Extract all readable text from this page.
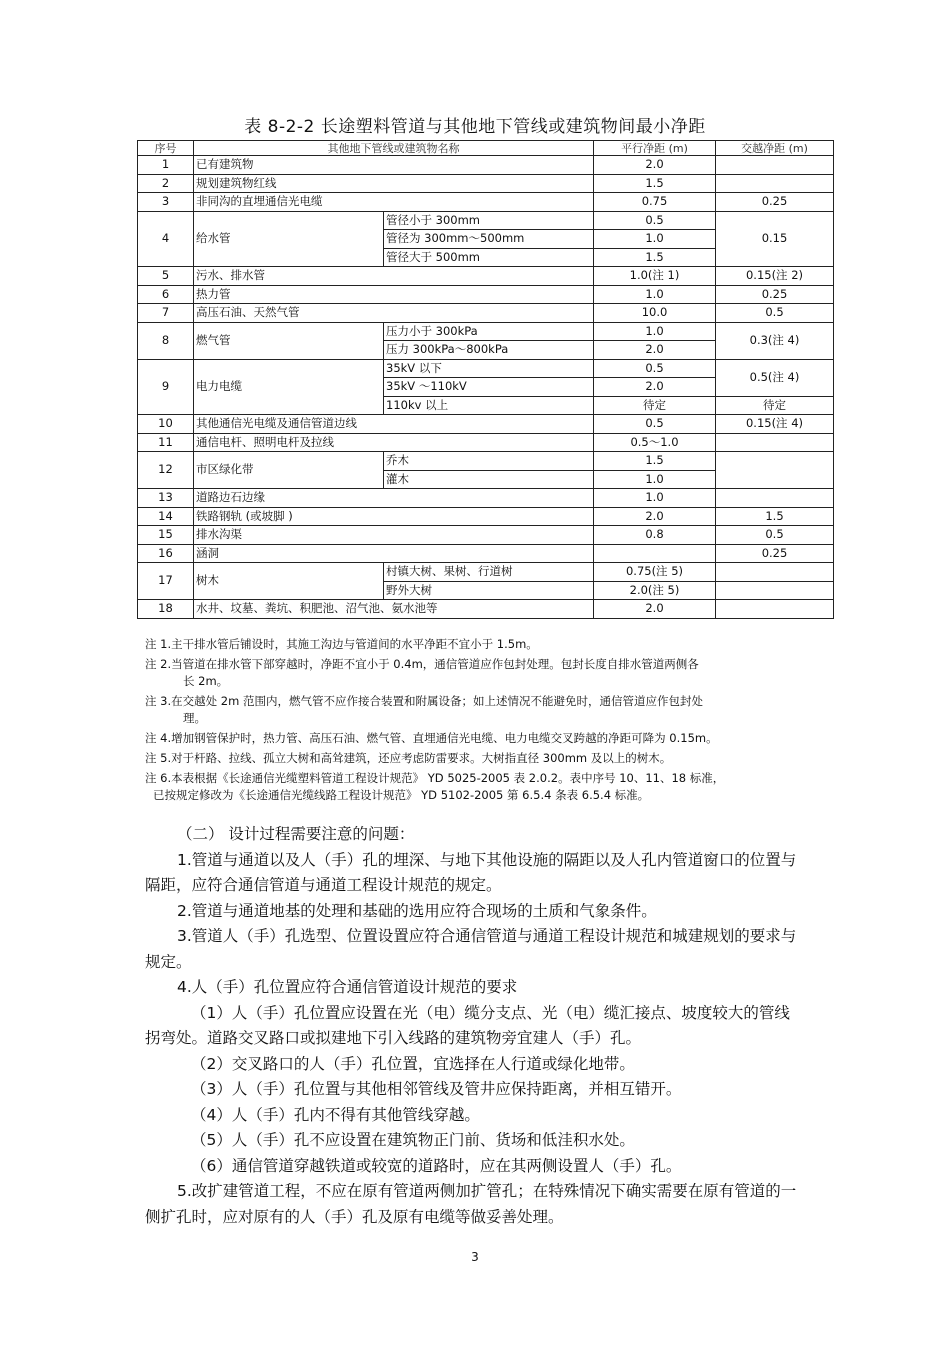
表 8-2-2 长途塑料管道与其他地下管线或建筑物间最小净距
序号	其他地下管线或建筑物名称		平行净距 (m)	交越净距 (m)
1	已有建筑物		2.0	
2	规划建筑物红线		1.5	
3	非同沟的直埋通信光电缆		0.75	0.25
4	给水管	管径小于 300mm	0.5	0.15
		管径为 300mm～500mm	1.0	
		管径大于 500mm	1.5	
5	污水、排水管		1.0(注 1)	0.15(注 2)
6	热力管		1.0	0.25
7	高压石油、天然气管		10.0	0.5
8	燃气管	压力小于 300kPa	1.0	0.3(注 4)
		压力 300kPa～800kPa	2.0	
9	电力电缆	35kV 以下	0.5	0.5(注 4)
		35kV ～110kV	2.0	
		110kv 以上	待定	待定
10	其他通信光电缆及通信管道边线		0.5	0.15(注 4)
11	通信电杆、照明电杆及拉线		0.5～1.0	
12	市区绿化带	乔木	1.5	
		灌木	1.0	
13	道路边石边缘		1.0	
14	铁路钢轨 (或坡脚 )		2.0	1.5
15	排水沟渠		0.8	0.5
16	涵洞			0.25
17	树木	村镇大树、果树、行道树	0.75(注 5)	
		野外大树	2.0(注 5)	
18	水井、坟墓、粪坑、积肥池、沼气池、氨水池等		2.0	
注 1.主干排水管后铺设时，其施工沟边与管道间的水平净距不宜小于 1.5m。
注 2.当管道在排水管下部穿越时，净距不宜小于 0.4m，通信管道应作包封处理。包封长度自排水管道两侧各
长 2m。
注 3.在交越处 2m 范围内，燃气管不应作接合装置和附属设备；如上述情况不能避免时，通信管道应作包封处
理。
注 4.增加钢管保护时，热力管、高压石油、燃气管、直埋通信光电缆、电力电缆交叉跨越的净距可降为 0.15m。
注 5.对于杆路、拉线、孤立大树和高耸建筑，还应考虑防雷要求。大树指直径 300mm 及以上的树木。
注 6.本表根据《长途通信光缆塑料管道工程设计规范》 YD 5025-2005 表 2.0.2。表中序号 10、11、18 标准，
已按规定修改为《长途通信光缆线路工程设计规范》 YD 5102-2005 第 6.5.4 条表 6.5.4 标准。

（二） 设计过程需要注意的问题：

1.管道与通道以及人（手）孔的埋深、与地下其他设施的隔距以及人孔内管道窗口的位置与隔距，应符合通信管道与通道工程设计规范的规定。

2.管道与通道地基的处理和基础的选用应符合现场的土质和气象条件。

3.管道人（手）孔选型、位置设置应符合通信管道与通道工程设计规范和城建规划的要求与规定。

4.人（手）孔位置应符合通信管道设计规范的要求

（1）人（手）孔位置应设置在光（电）缆分支点、光（电）缆汇接点、坡度较大的管线拐弯处。道路交叉路口或拟建地下引入线路的建筑物旁宜建人（手）孔。

（2）交叉路口的人（手）孔位置，宜选择在人行道或绿化地带。

（3）人（手）孔位置与其他相邻管线及管井应保持距离，并相互错开。

（4）人（手）孔内不得有其他管线穿越。

（5）人（手）孔不应设置在建筑物正门前、货场和低洼积水处。

（6）通信管道穿越铁道或较宽的道路时，应在其两侧设置人（手）孔。

5.改扩建管道工程，不应在原有管道两侧加扩管孔；在特殊情况下确实需要在原有管道的一侧扩孔时，应对原有的人（手）孔及原有电缆等做妥善处理。

3
